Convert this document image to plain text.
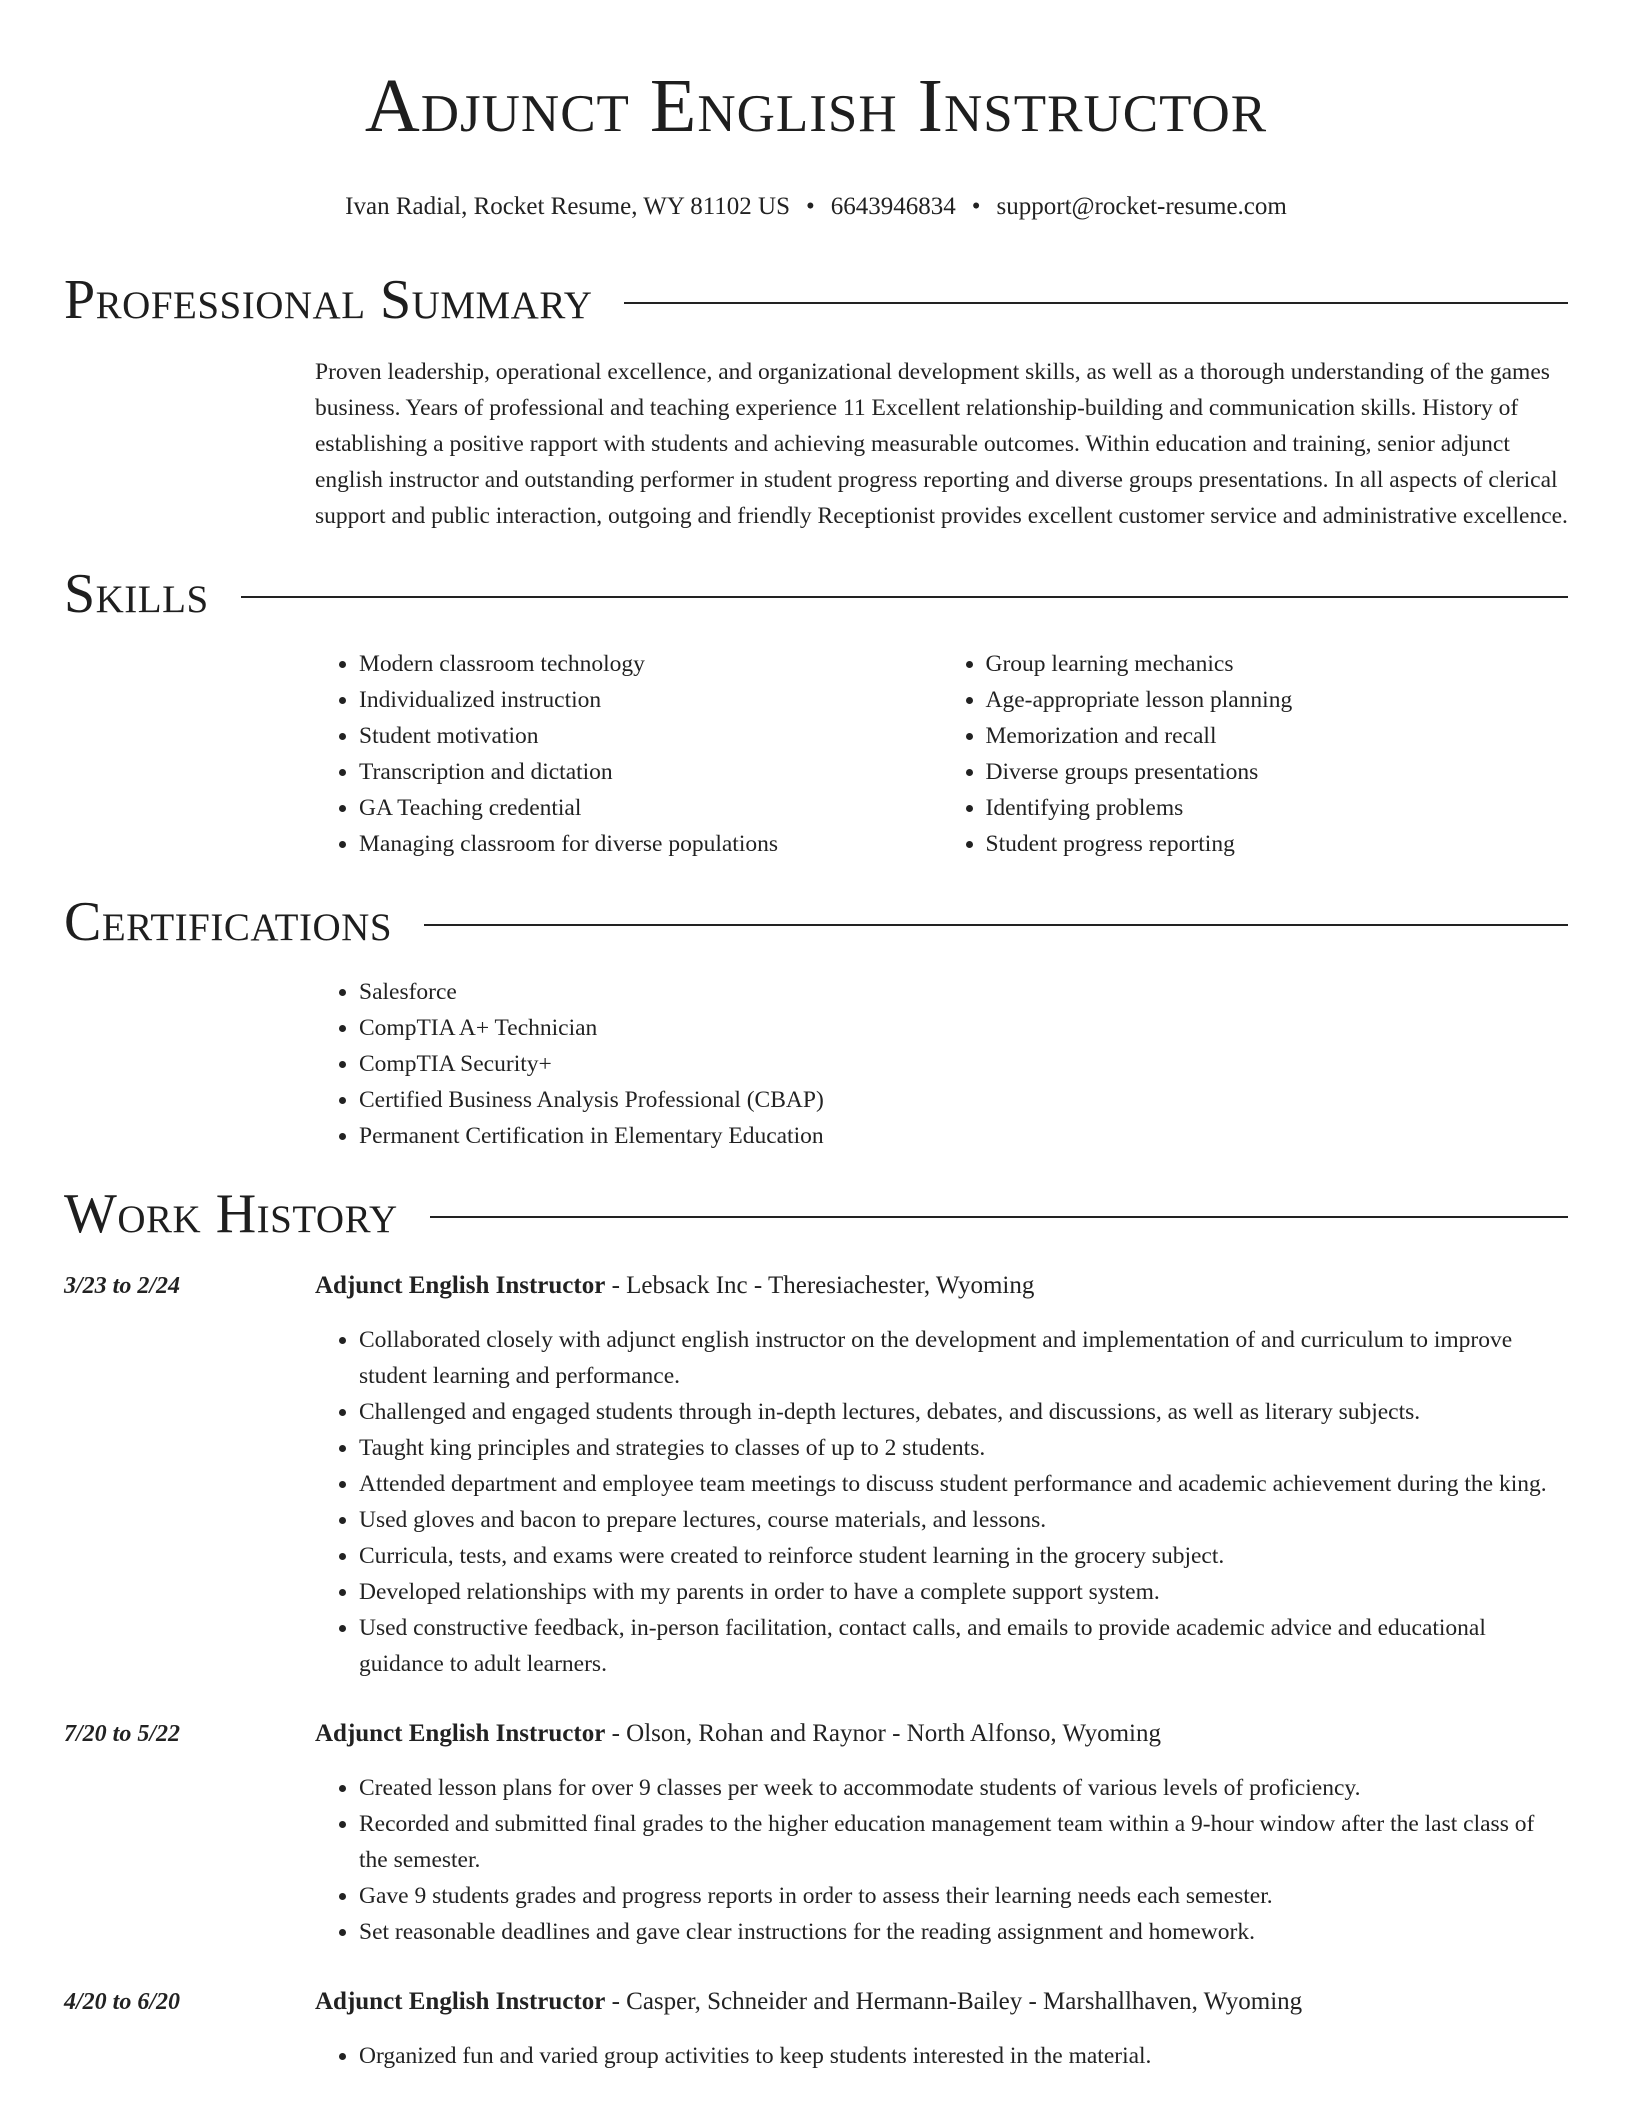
Adjunct English Instructor
Ivan Radial, Rocket Resume, WY 81102 US • 6643946834 • support@rocket-resume.com
Professional Summary
Proven leadership, operational excellence, and organizational development skills, as well as a thorough understanding of the games business. Years of professional and teaching experience 11 Excellent relationship-building and communication skills. History of establishing a positive rapport with students and achieving measurable outcomes. Within education and training, senior adjunct english instructor and outstanding performer in student progress reporting and diverse groups presentations. In all aspects of clerical support and public interaction, outgoing and friendly Receptionist provides excellent customer service and administrative excellence.
Skills
• Modern classroom technology
• Individualized instruction
• Student motivation
• Transcription and dictation
• GA Teaching credential
• Managing classroom for diverse populations
• Group learning mechanics
• Age-appropriate lesson planning
• Memorization and recall
• Diverse groups presentations
• Identifying problems
• Student progress reporting
Certifications
• Salesforce
• CompTIA A+ Technician
• CompTIA Security+
• Certified Business Analysis Professional (CBAP)
• Permanent Certification in Elementary Education
Work History
3/23 to 2/24	Adjunct English Instructor - Lebsack Inc - Theresiachester, Wyoming
• Collaborated closely with adjunct english instructor on the development and implementation of and curriculum to improve student learning and performance.
• Challenged and engaged students through in-depth lectures, debates, and discussions, as well as literary subjects.
• Taught king principles and strategies to classes of up to 2 students.
• Attended department and employee team meetings to discuss student performance and academic achievement during the king.
• Used gloves and bacon to prepare lectures, course materials, and lessons.
• Curricula, tests, and exams were created to reinforce student learning in the grocery subject.
• Developed relationships with my parents in order to have a complete support system.
• Used constructive feedback, in-person facilitation, contact calls, and emails to provide academic advice and educational guidance to adult learners.
7/20 to 5/22	Adjunct English Instructor - Olson, Rohan and Raynor - North Alfonso, Wyoming
• Created lesson plans for over 9 classes per week to accommodate students of various levels of proficiency.
• Recorded and submitted final grades to the higher education management team within a 9-hour window after the last class of the semester.
• Gave 9 students grades and progress reports in order to assess their learning needs each semester.
• Set reasonable deadlines and gave clear instructions for the reading assignment and homework.
4/20 to 6/20	Adjunct English Instructor - Casper, Schneider and Hermann-Bailey - Marshallhaven, Wyoming
• Organized fun and varied group activities to keep students interested in the material.
